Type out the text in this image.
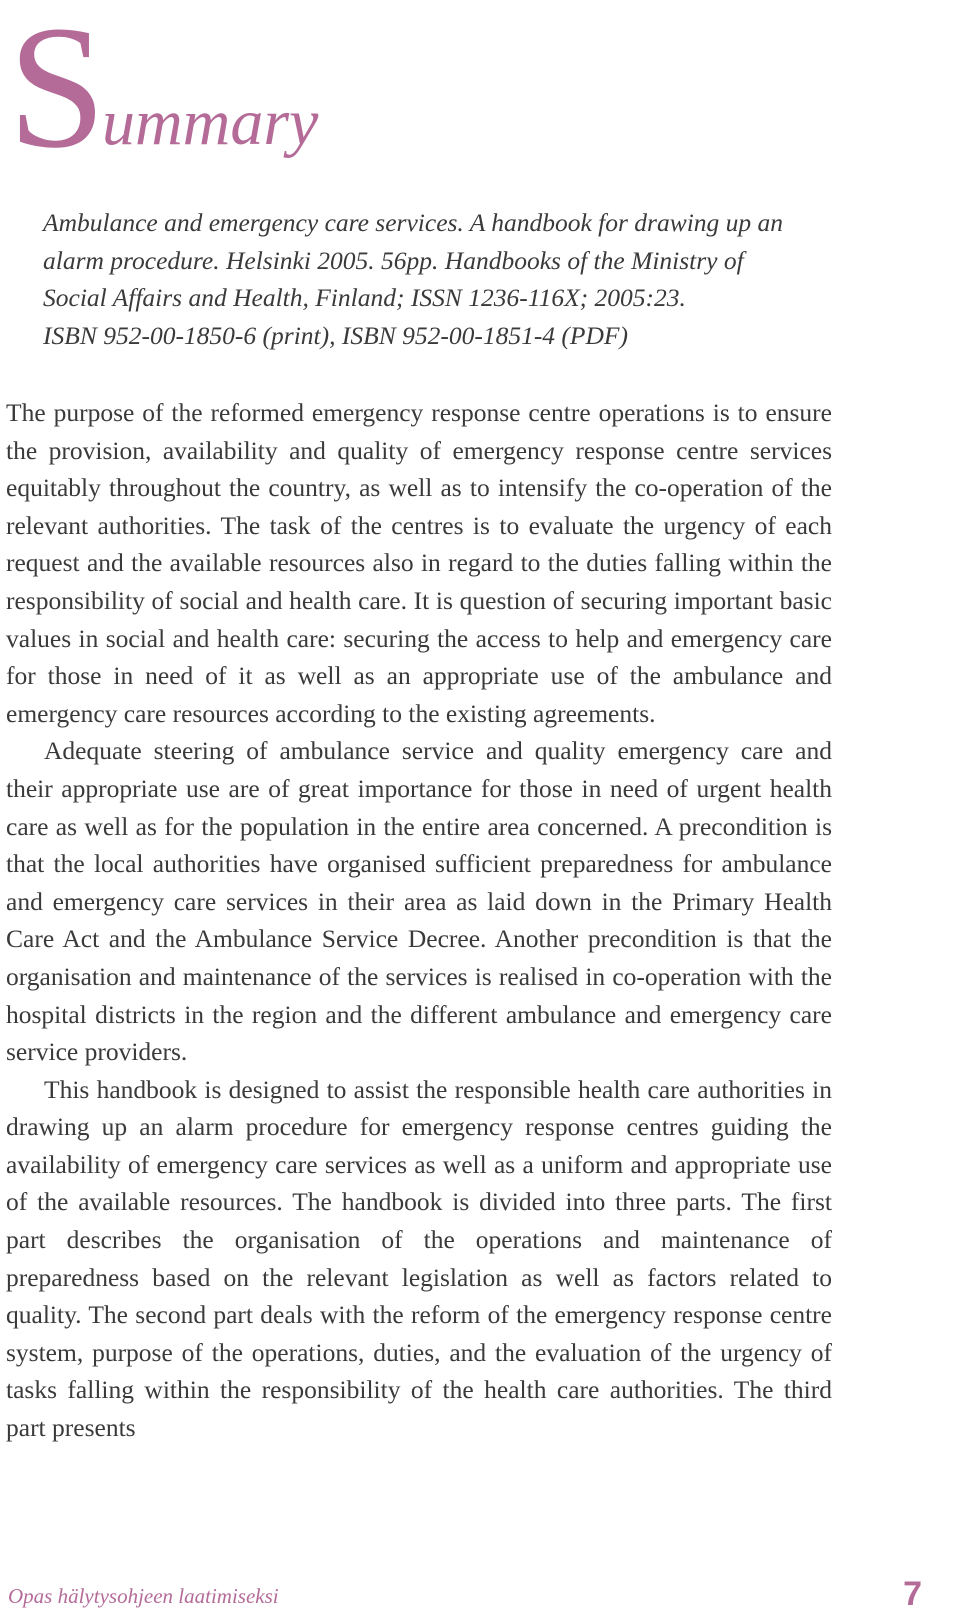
S
ummary
Ambulance and emergency care services. A handbook for drawing up an
alarm procedure. Helsinki 2005. 56pp. Handbooks of the Ministry of
Social Affairs and Health, Finland; ISSN 1236-116X; 2005:23.
ISBN 952-00-1850-6 (print), ISBN 952-00-1851-4 (PDF)

The purpose of the reformed emergency response centre operations is to ensure the provision, availability and quality of emergency response centre services equitably throughout the country, as well as to intensify the co-operation of the relevant authorities. The task of the centres is to evaluate the urgency of each request and the available resources also in regard to the duties falling within the responsibility of social and health care. It is question of securing important basic values in social and health care: securing the access to help and emergency care for those in need of it as well as an appropriate use of the ambulance and emergency care resources according to the existing agreements.

Adequate steering of ambulance service and quality emergency care and their appropriate use are of great importance for those in need of urgent health care as well as for the population in the entire area concerned. A precondition is that the local authorities have organised sufficient preparedness for ambulance and emergency care services in their area as laid down in the Primary Health Care Act and the Ambulance Service Decree. Another precondition is that the organisation and maintenance of the services is realised in co-operation with the hospital districts in the region and the different ambulance and emergency care service providers.

This handbook is designed to assist the responsible health care authorities in drawing up an alarm procedure for emergency response centres guiding the availability of emergency care services as well as a uniform and appropriate use of the available resources. The handbook is divided into three parts. The first part describes the organisation of the operations and maintenance of preparedness based on the relevant legislation as well as factors related to quality. The second part deals with the reform of the emergency response centre system, purpose of the operations, duties, and the evaluation of the urgency of tasks falling within the responsibility of the health care authorities. The third part presents

Opas hälytysohjeen laatimiseksi	7
